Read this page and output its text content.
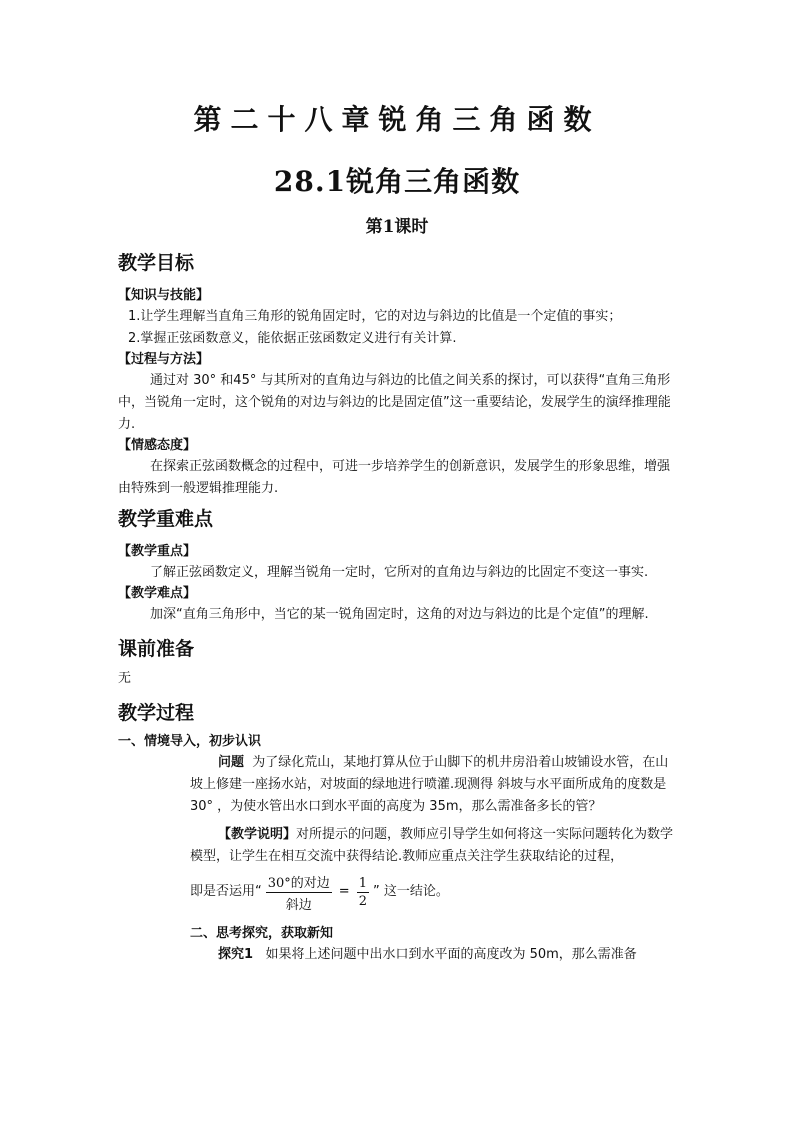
第二十八章锐角三角函数
28.1锐角三角函数
第1课时
教学目标
【知识与技能】

1.让学生理解当直角三角形的锐角固定时，它的对边与斜边的比值是一个定值的事实；

2.掌握正弦函数意义，能依据正弦函数定义进行有关计算.

【过程与方法】

通过对 30° 和45° 与其所对的直角边与斜边的比值之间关系的探讨，可以获得“直角三角形中，当锐角一定时，这个锐角的对边与斜边的比是固定值”这一重要结论，发展学生的演绎推理能力.

【情感态度】

在探索正弦函数概念的过程中，可进一步培养学生的创新意识，发展学生的形象思维，增强由特殊到一般逻辑推理能力.

教学重难点
【教学重点】

了解正弦函数定义，理解当锐角一定时，它所对的直角边与斜边的比固定不变这一事实.

【教学难点】

加深“直角三角形中，当它的某一锐角固定时，这角的对边与斜边的比是个定值”的理解.

课前准备

无

教学过程
一、情境导入，初步认识

问题 为了绿化荒山，某地打算从位于山脚下的机井房沿着山坡铺设水管，在山坡上修建一座扬水站，对坡面的绿地进行喷灌.现测得 斜坡与水平面所成角的度数是 30° ，为使水管出水口到水平面的高度为 35m，那么需准备多长的管？

【教学说明】对所提示的问题，教师应引导学生如何将这一实际问题转化为数学模型，让学生在相互交流中获得结论.教师应重点关注学生获取结论的过程，

即是否运用“ $\frac{\text{30°的对边}}{\text{斜边}} = \frac{1}{2}$ ” 这一结论。

二、思考探究，获取新知

探究1 如果将上述问题中出水口到水平面的高度改为 50m，那么需准备
